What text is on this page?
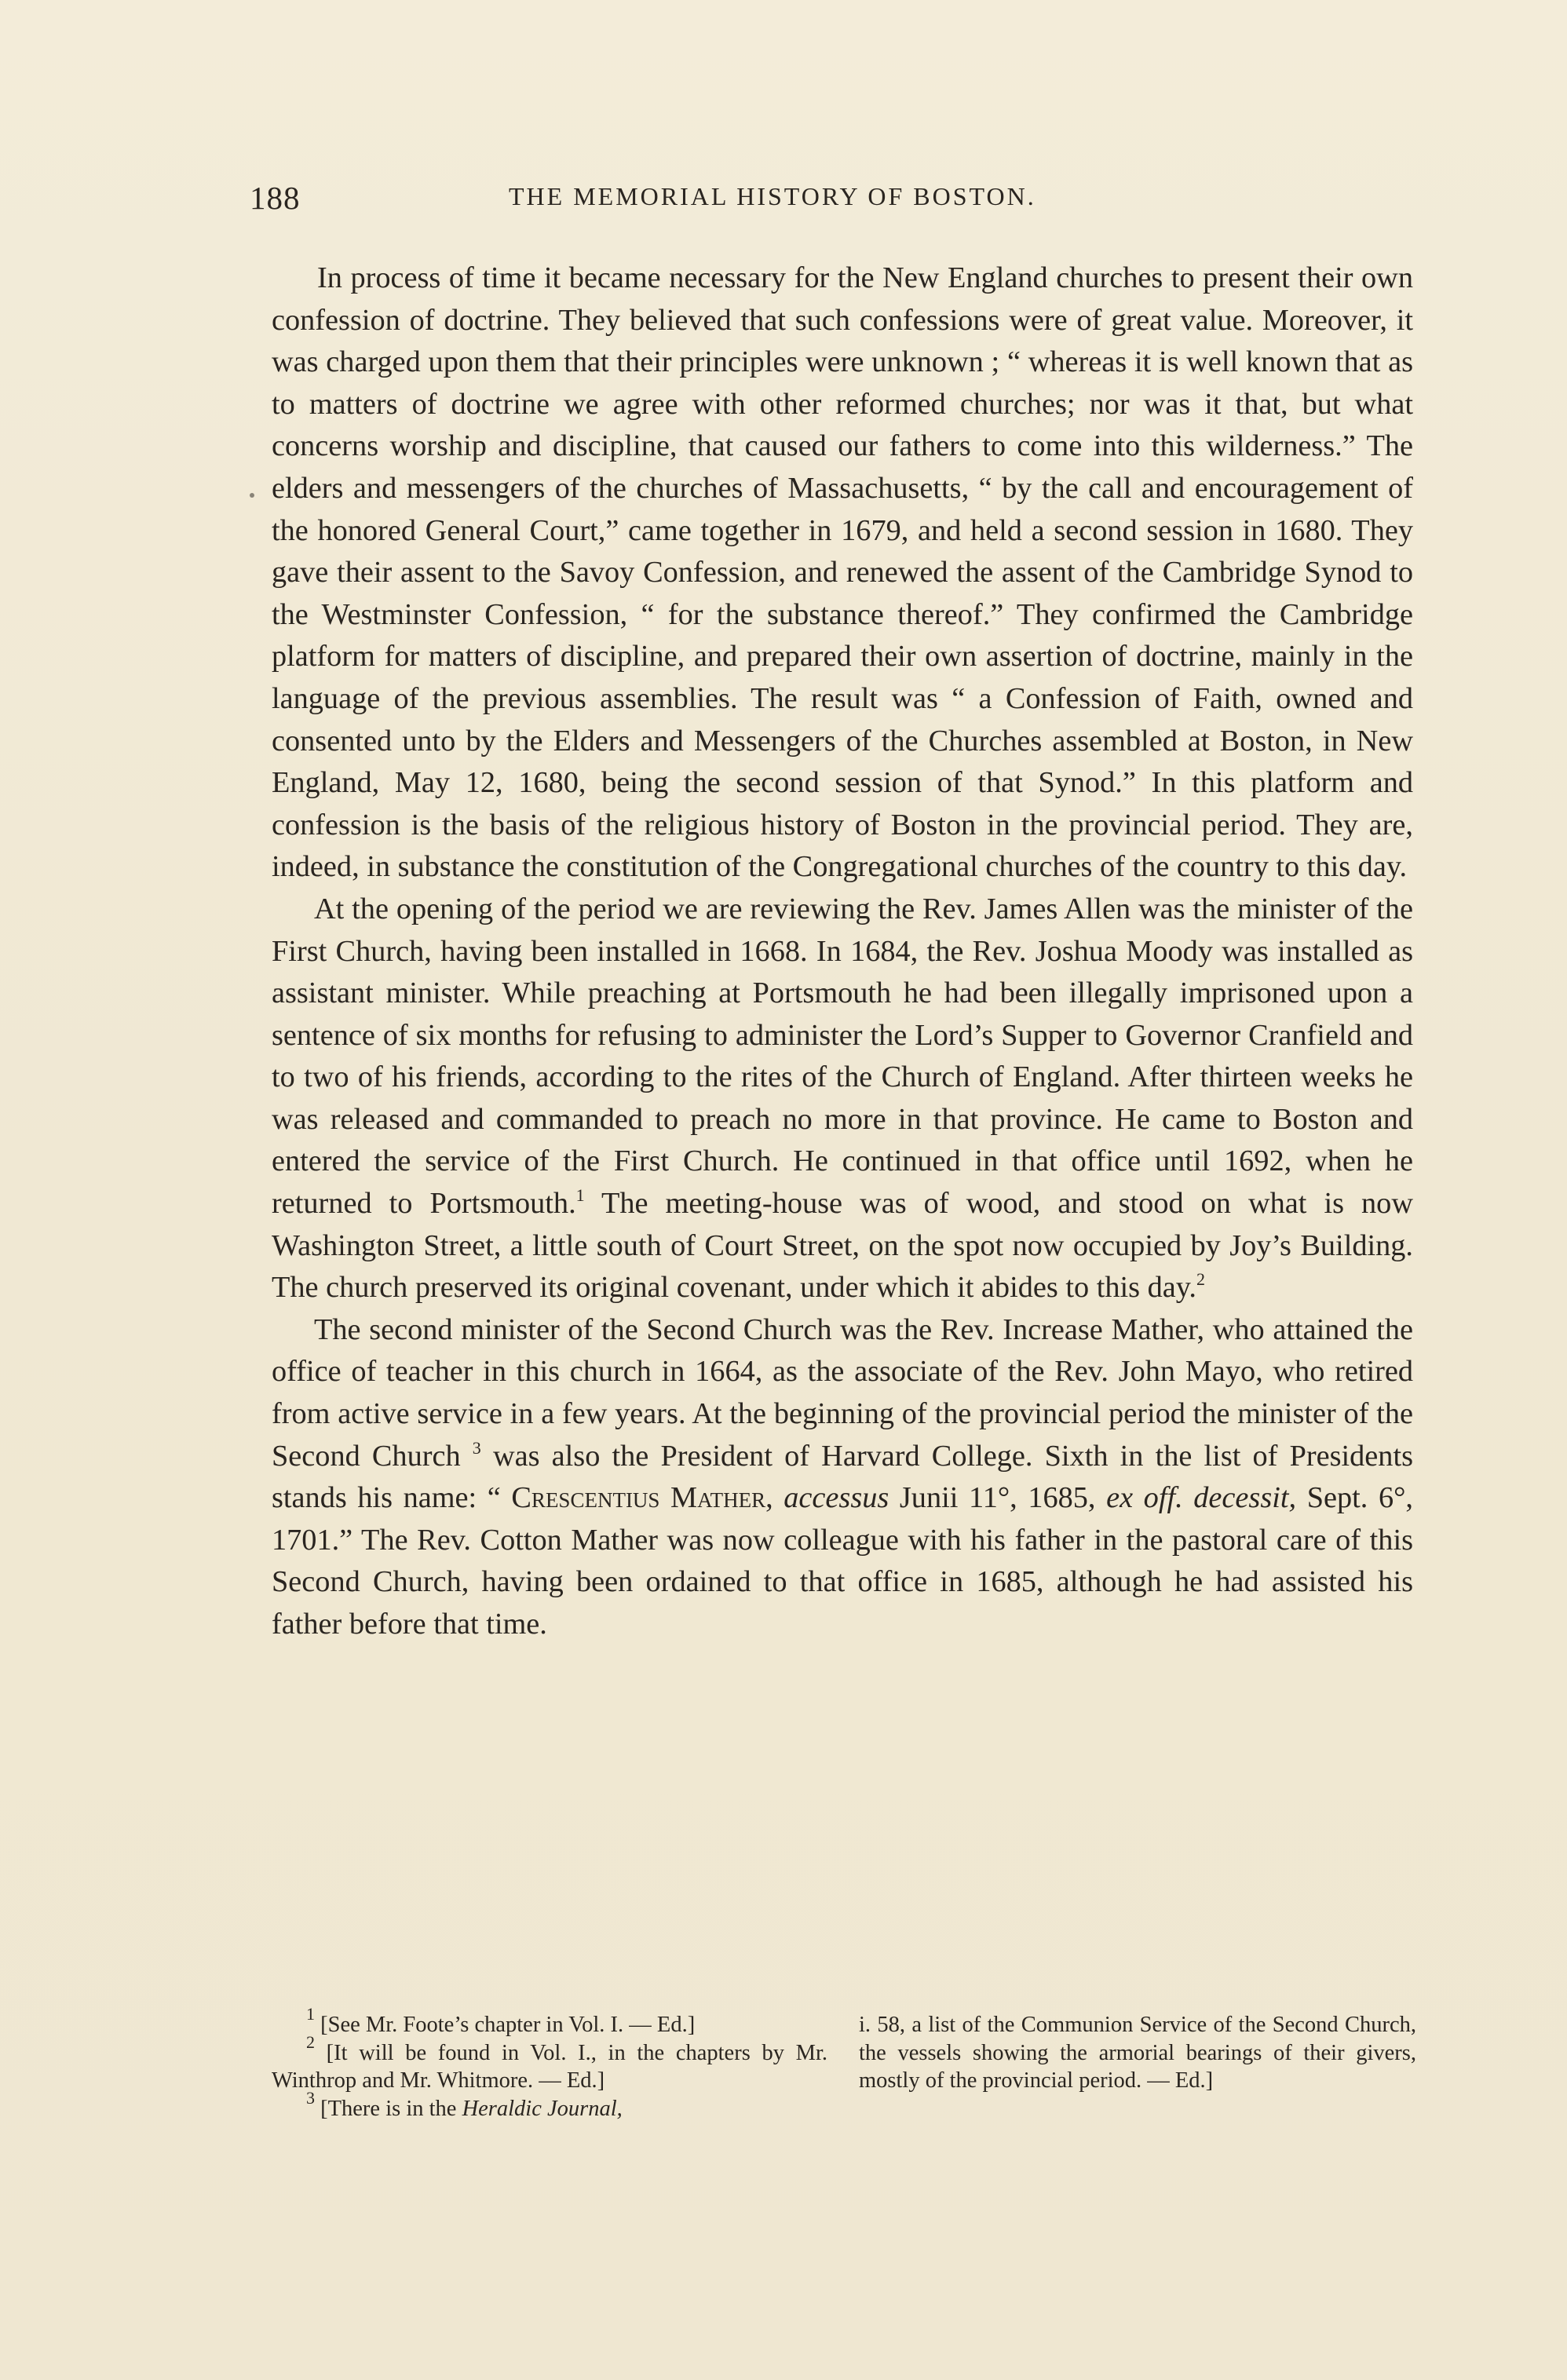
188	THE MEMORIAL HISTORY OF BOSTON.

In process of time it became necessary for the New England churches to present their own confession of doctrine. They believed that such confessions were of great value. Moreover, it was charged upon them that their principles were unknown ; “ whereas it is well known that as to matters of doctrine we agree with other reformed churches; nor was it that, but what concerns worship and discipline, that caused our fathers to come into this wilderness.” The elders and messengers of the churches of Massachusetts, “ by the call and encouragement of the honored General Court,” came together in 1679, and held a second session in 1680. They gave their assent to the Savoy Confession, and renewed the assent of the Cambridge Synod to the Westminster Confession, “ for the substance thereof.” They confirmed the Cambridge platform for matters of discipline, and prepared their own assertion of doctrine, mainly in the language of the previous assemblies. The result was “ a Confession of Faith, owned and consented unto by the Elders and Messengers of the Churches assembled at Boston, in New England, May 12, 1680, being the second session of that Synod.” In this platform and confession is the basis of the religious history of Boston in the provincial period. They are, indeed, in substance the constitution of the Congregational churches of the country to this day.

At the opening of the period we are reviewing the Rev. James Allen was the minister of the First Church, having been installed in 1668. In 1684, the Rev. Joshua Moody was installed as assistant minister. While preaching at Portsmouth he had been illegally imprisoned upon a sentence of six months for refusing to administer the Lord’s Supper to Governor Cranfield and to two of his friends, according to the rites of the Church of England. After thirteen weeks he was released and commanded to preach no more in that province. He came to Boston and entered the service of the First Church. He continued in that office until 1692, when he returned to Portsmouth.$^1$ The meeting-house was of wood, and stood on what is now Washington Street, a little south of Court Street, on the spot now occupied by Joy’s Building. The church preserved its original covenant, under which it abides to this day.$^2$

The second minister of the Second Church was the Rev. Increase Mather, who attained the office of teacher in this church in 1664, as the associate of the Rev. John Mayo, who retired from active service in a few years. At the beginning of the provincial period the minister of the Second Church $^3$ was also the President of Harvard College. Sixth in the list of Presidents stands his name: “ Crescentius Mather, accessus Junii 11°, 1685, ex off. decessit, Sept. 6°, 1701.” The Rev. Cotton Mather was now colleague with his father in the pastoral care of this Second Church, having been ordained to that office in 1685, although he had assisted his father before that time.

$^1$ [See Mr. Foote’s chapter in Vol. I. — Ed.]

$^2$ [It will be found in Vol. I., in the chapters by Mr. Winthrop and Mr. Whitmore. — Ed.]

$^3$ [There is in the Heraldic Journal,

i. 58, a list of the Communion Service of the Second Church, the vessels showing the armorial bearings of their givers, mostly of the provincial period. — Ed.]
